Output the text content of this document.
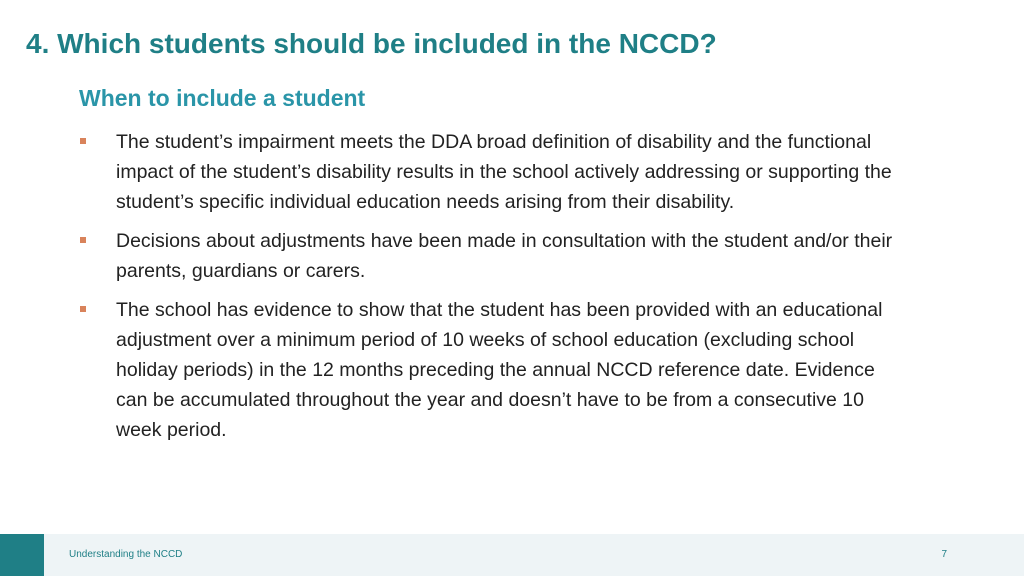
4. Which students should be included in the NCCD?
When to include a student
The student’s impairment meets the DDA broad definition of disability and the functional impact of the student’s disability results in the school actively addressing or supporting the student’s specific individual education needs arising from their disability.
Decisions about adjustments have been made in consultation with the student and/or their parents, guardians or carers.
The school has evidence to show that the student has been provided with an educational adjustment over a minimum period of 10 weeks of school education (excluding school holiday periods) in the 12 months preceding the annual NCCD reference date. Evidence can be accumulated throughout the year and doesn’t have to be from a consecutive 10 week period.
Understanding the NCCD	7
